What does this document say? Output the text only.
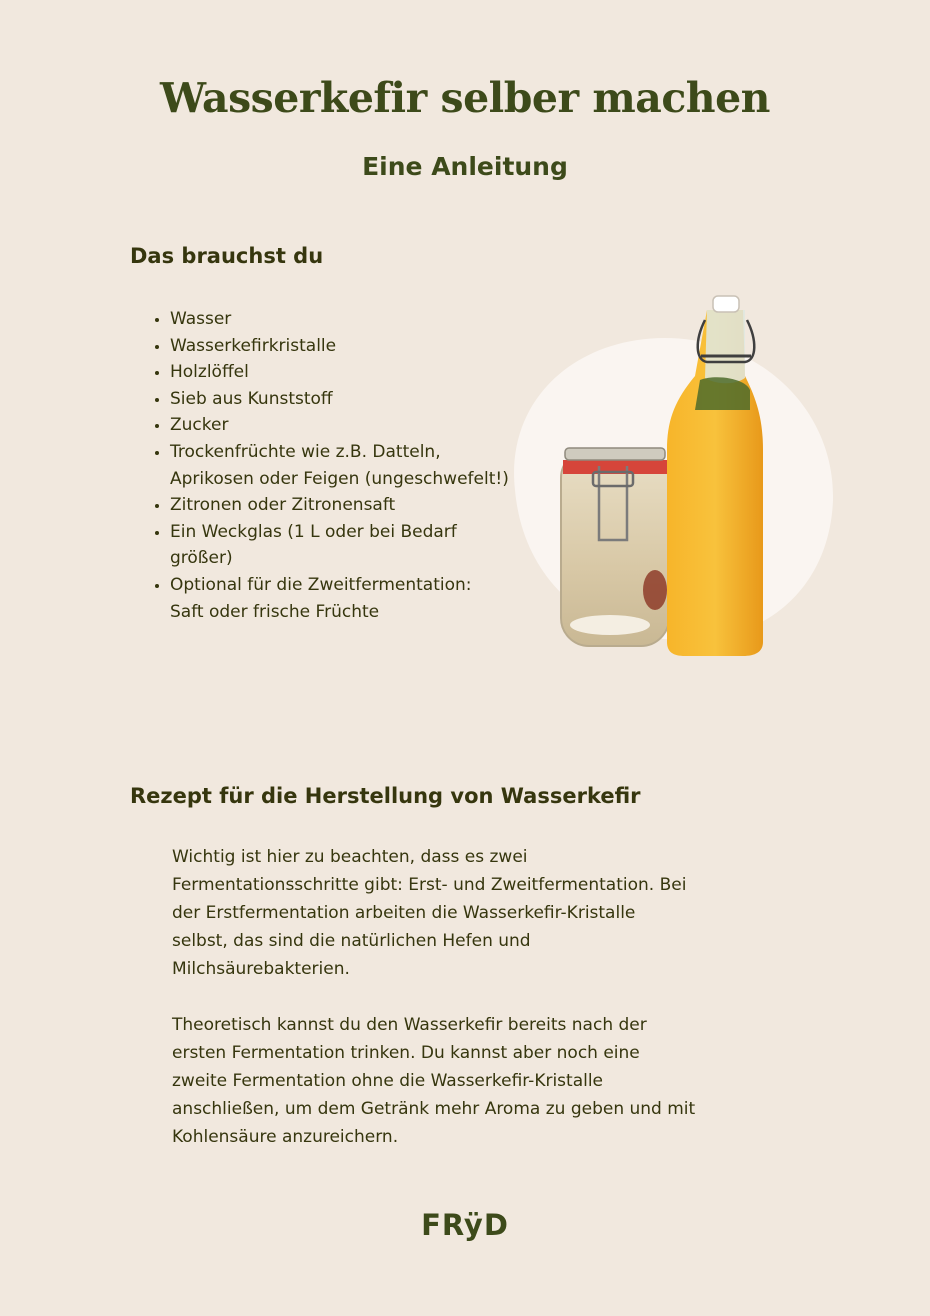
Wasserkefir selber machen
Eine Anleitung
Das brauchst du
• Wasser
• Wasserkefirkristalle
• Holzlöffel
• Sieb aus Kunststoff
• Zucker
• Trockenfrüchte wie z.B. Datteln, Aprikosen oder Feigen (ungeschwefelt!)
• Zitronen oder Zitronensaft
• Ein Weckglas (1 L oder bei Bedarf größer)
• Optional für die Zweitfermentation: Saft oder frische Früchte
Rezept für die Herstellung von Wasserkefir

Wichtig ist hier zu beachten, dass es zwei
Fermentationsschritte gibt: Erst- und Zweitfermentation. Bei
der Erstfermentation arbeiten die Wasserkefir-Kristalle
selbst, das sind die natürlichen Hefen und
Milchsäurebakterien.

Theoretisch kannst du den Wasserkefir bereits nach der
ersten Fermentation trinken. Du kannst aber noch eine
zweite Fermentation ohne die Wasserkefir-Kristalle
anschließen, um dem Getränk mehr Aroma zu geben und mit
Kohlensäure anzureichern.

FRÿD
